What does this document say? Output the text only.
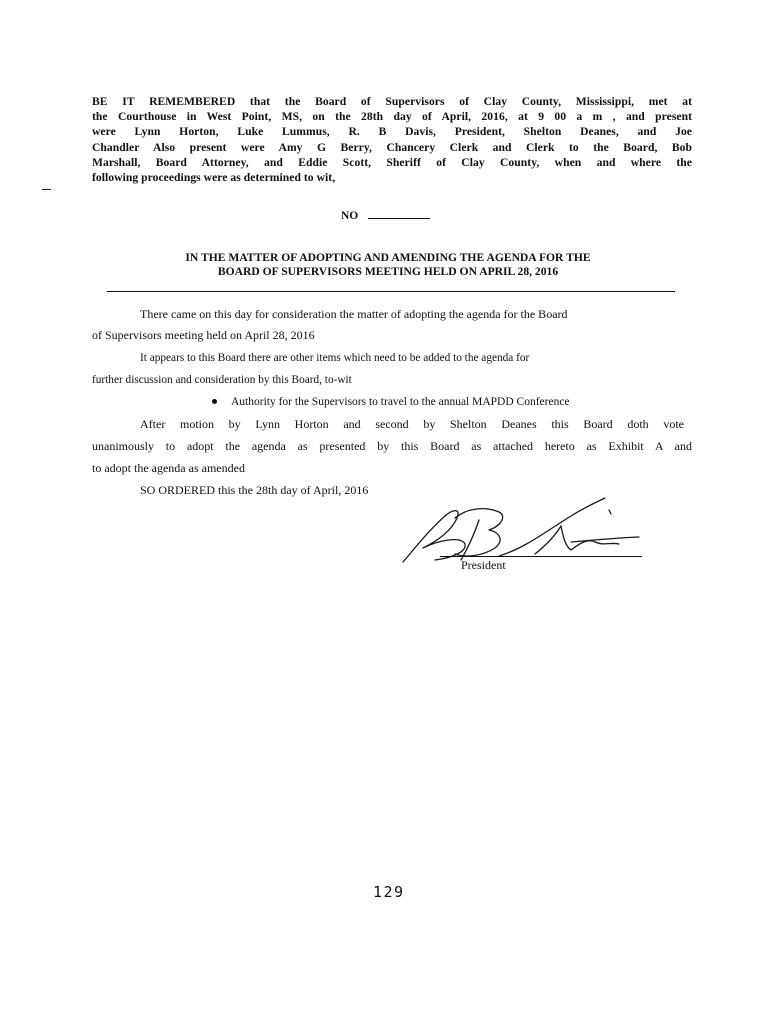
BE IT REMEMBERED that the Board of Supervisors of Clay County, Mississippi, met at
the Courthouse in West Point, MS, on the 28th day of April, 2016, at 9 00 a m , and present
were Lynn Horton, Luke Lummus, R. B Davis, President, Shelton Deanes, and Joe
Chandler Also present were Amy G Berry, Chancery Clerk and Clerk to the Board, Bob
Marshall, Board Attorney, and Eddie Scott, Sheriff of Clay County, when and where the
following proceedings were as determined to wit,
NO
IN THE MATTER OF ADOPTING AND AMENDING THE AGENDA FOR THE
BOARD OF SUPERVISORS MEETING HELD ON APRIL 28, 2016
There came on this day for consideration the matter of adopting the agenda for the Board
of Supervisors meeting held on April 28, 2016
It appears to this Board there are other items which need to be added to the agenda for
further discussion and consideration by this Board, to-wit
Authority for the Supervisors to travel to the annual MAPDD Conference
After motion by Lynn Horton and second by Shelton Deanes this Board doth vote
unanimously to adopt the agenda as presented by this Board as attached hereto as Exhibit A and
to adopt the agenda as amended
SO ORDERED this the 28th day of April, 2016
President
129
